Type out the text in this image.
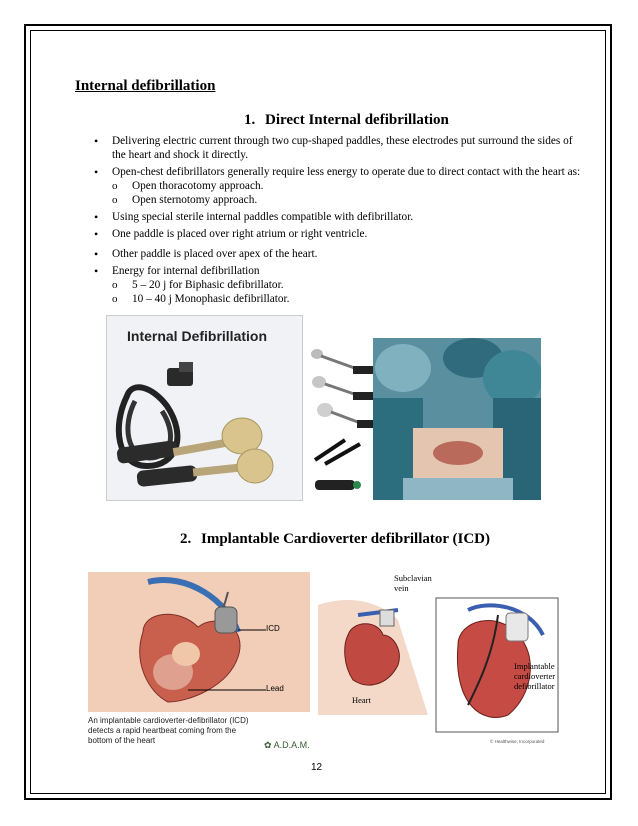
Internal defibrillation
1. Direct Internal defibrillation

• Delivering electric current through two cup-shaped paddles, these electrodes put surround the sides of the heart and shock it directly.

• Open-chest defibrillators generally require less energy to operate due to direct contact with the heart as:

o Open thoracotomy approach.

o Open sternotomy approach.

• Using special sterile internal paddles compatible with defibrillator.

• One paddle is placed over right atrium or right ventricle.

• Other paddle is placed over apex of the heart.

• Energy for internal defibrillation

o 5 – 20 j for Biphasic defibrillator.

o 10 – 40 j Monophasic defibrillator.

Internal Defibrillation
2. Implantable Cardioverter defibrillator (ICD)
ICD
Lead
An implantable cardioverter-defibrillator (ICD)
detects a rapid heartbeat coming from the
bottom of the heart	✿ A.D.A.M.
Subclavian
vein
Heart
Implantable
cardioverter
defibrillator
© Healthwise, Incorporated
12
